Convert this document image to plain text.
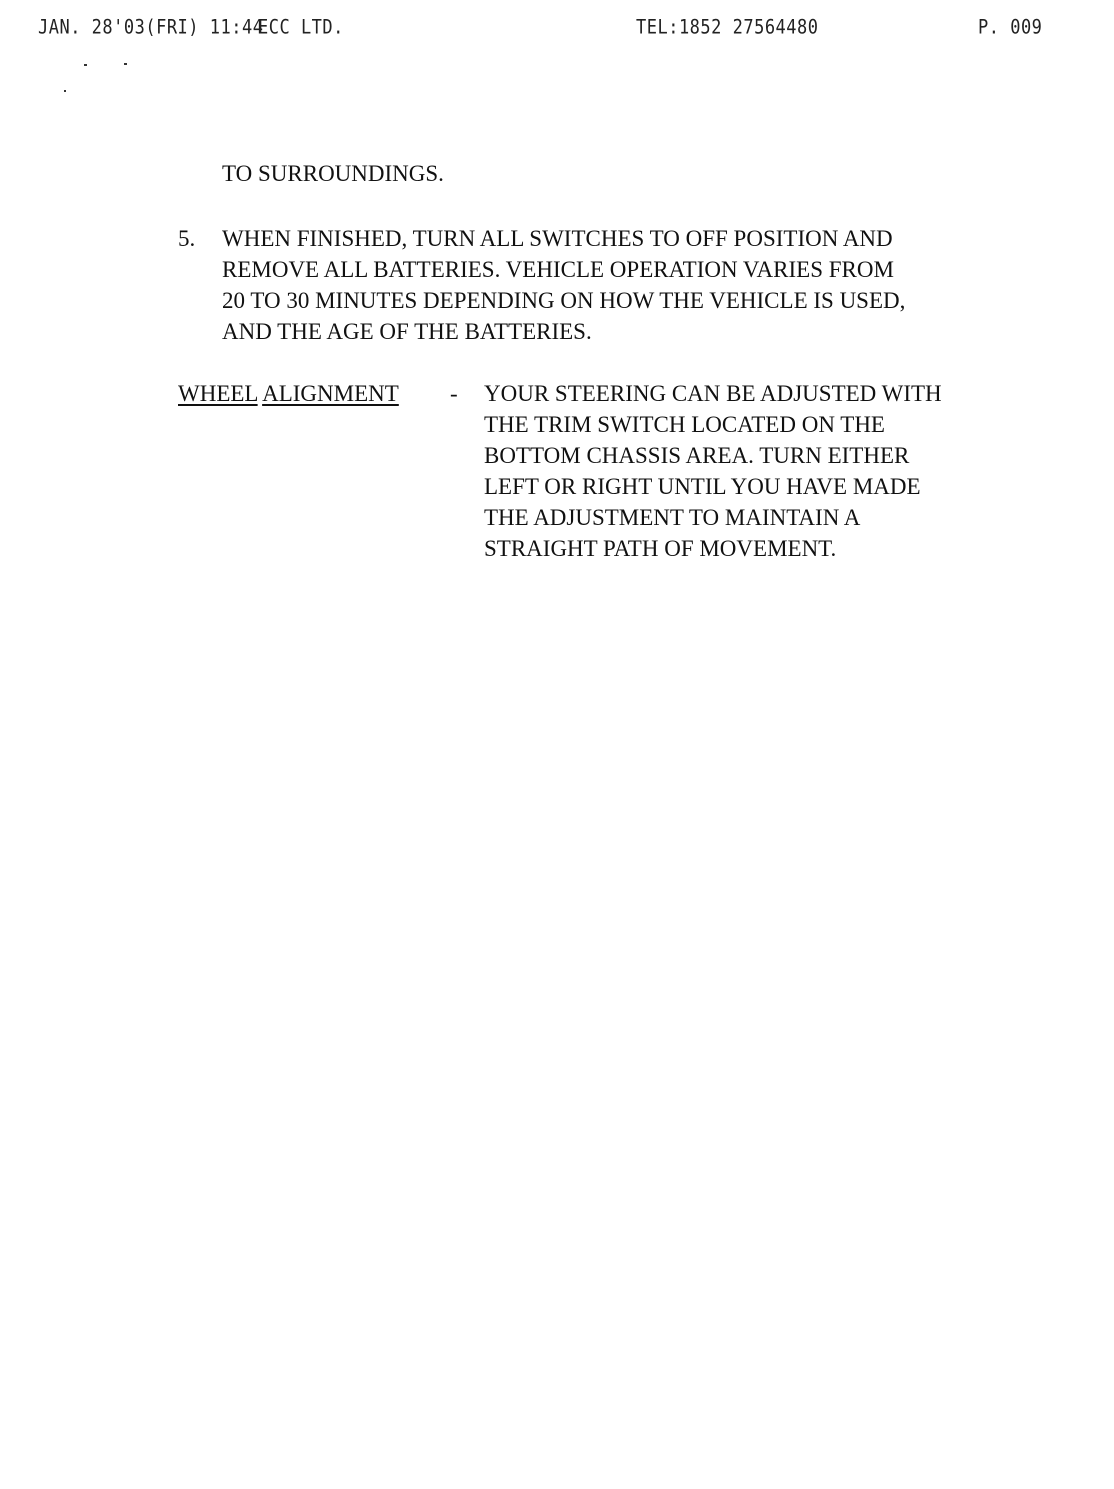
JAN. 28'03(FRI) 11:44
ECC LTD.	TEL:1852 27564480	P. 009
TO SURROUNDINGS.
5.	WHEN FINISHED, TURN ALL SWITCHES TO OFF POSITION AND
REMOVE ALL BATTERIES. VEHICLE OPERATION VARIES FROM
20 TO 30 MINUTES DEPENDING ON HOW THE VEHICLE IS USED,
AND THE AGE OF THE BATTERIES.
WHEEL ALIGNMENT - YOUR STEERING CAN BE ADJUSTED WITH
THE TRIM SWITCH LOCATED ON THE
BOTTOM CHASSIS AREA. TURN EITHER
LEFT OR RIGHT UNTIL YOU HAVE MADE
THE ADJUSTMENT TO MAINTAIN A
STRAIGHT PATH OF MOVEMENT.
